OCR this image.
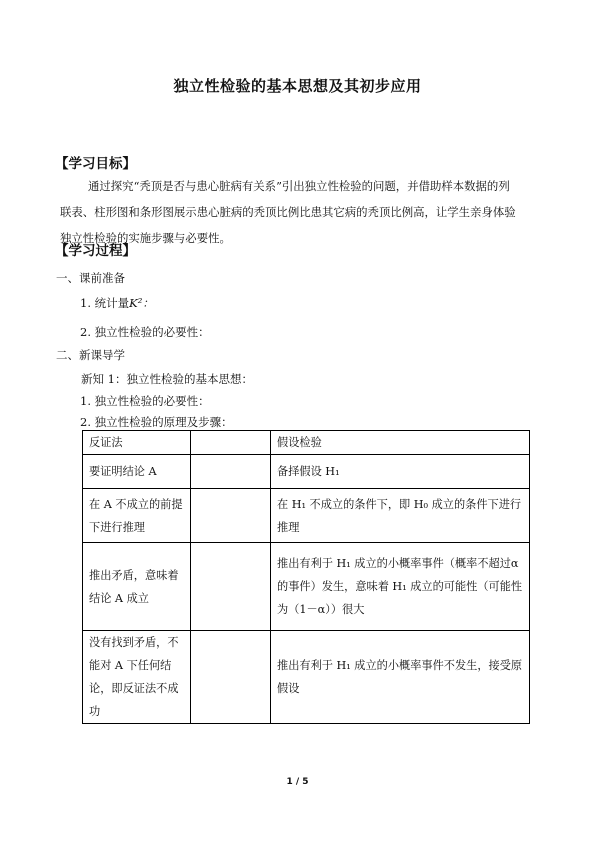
独立性检验的基本思想及其初步应用
【学习目标】
通过探究“秃顶是否与患心脏病有关系”引出独立性检验的问题，并借助样本数据的列
联表、柱形图和条形图展示患心脏病的秃顶比例比患其它病的秃顶比例高，让学生亲身体验
独立性检验的实施步骤与必要性。
【学习过程】
一、课前准备
1. 统计量K²：
2. 独立性检验的必要性：
二、新课导学
新知 1：独立性检验的基本思想：
1. 独立性检验的必要性：
2. 独立性检验的原理及步骤：
反证法		假设检验
要证明结论 A		备择假设 H₁
在 A 不成立的前提下进行推理		在 H₁ 不成立的条件下，即 H₀ 成立的条件下进行推理
推出矛盾，意味着结论 A 成立		推出有利于 H₁ 成立的小概率事件（概率不超过α的事件）发生，意味着 H₁ 成立的可能性（可能性为（1－α））很大
没有找到矛盾，不能对 A 下任何结论，即反证法不成功		推出有利于 H₁ 成立的小概率事件不发生，接受原假设
1 / 5
